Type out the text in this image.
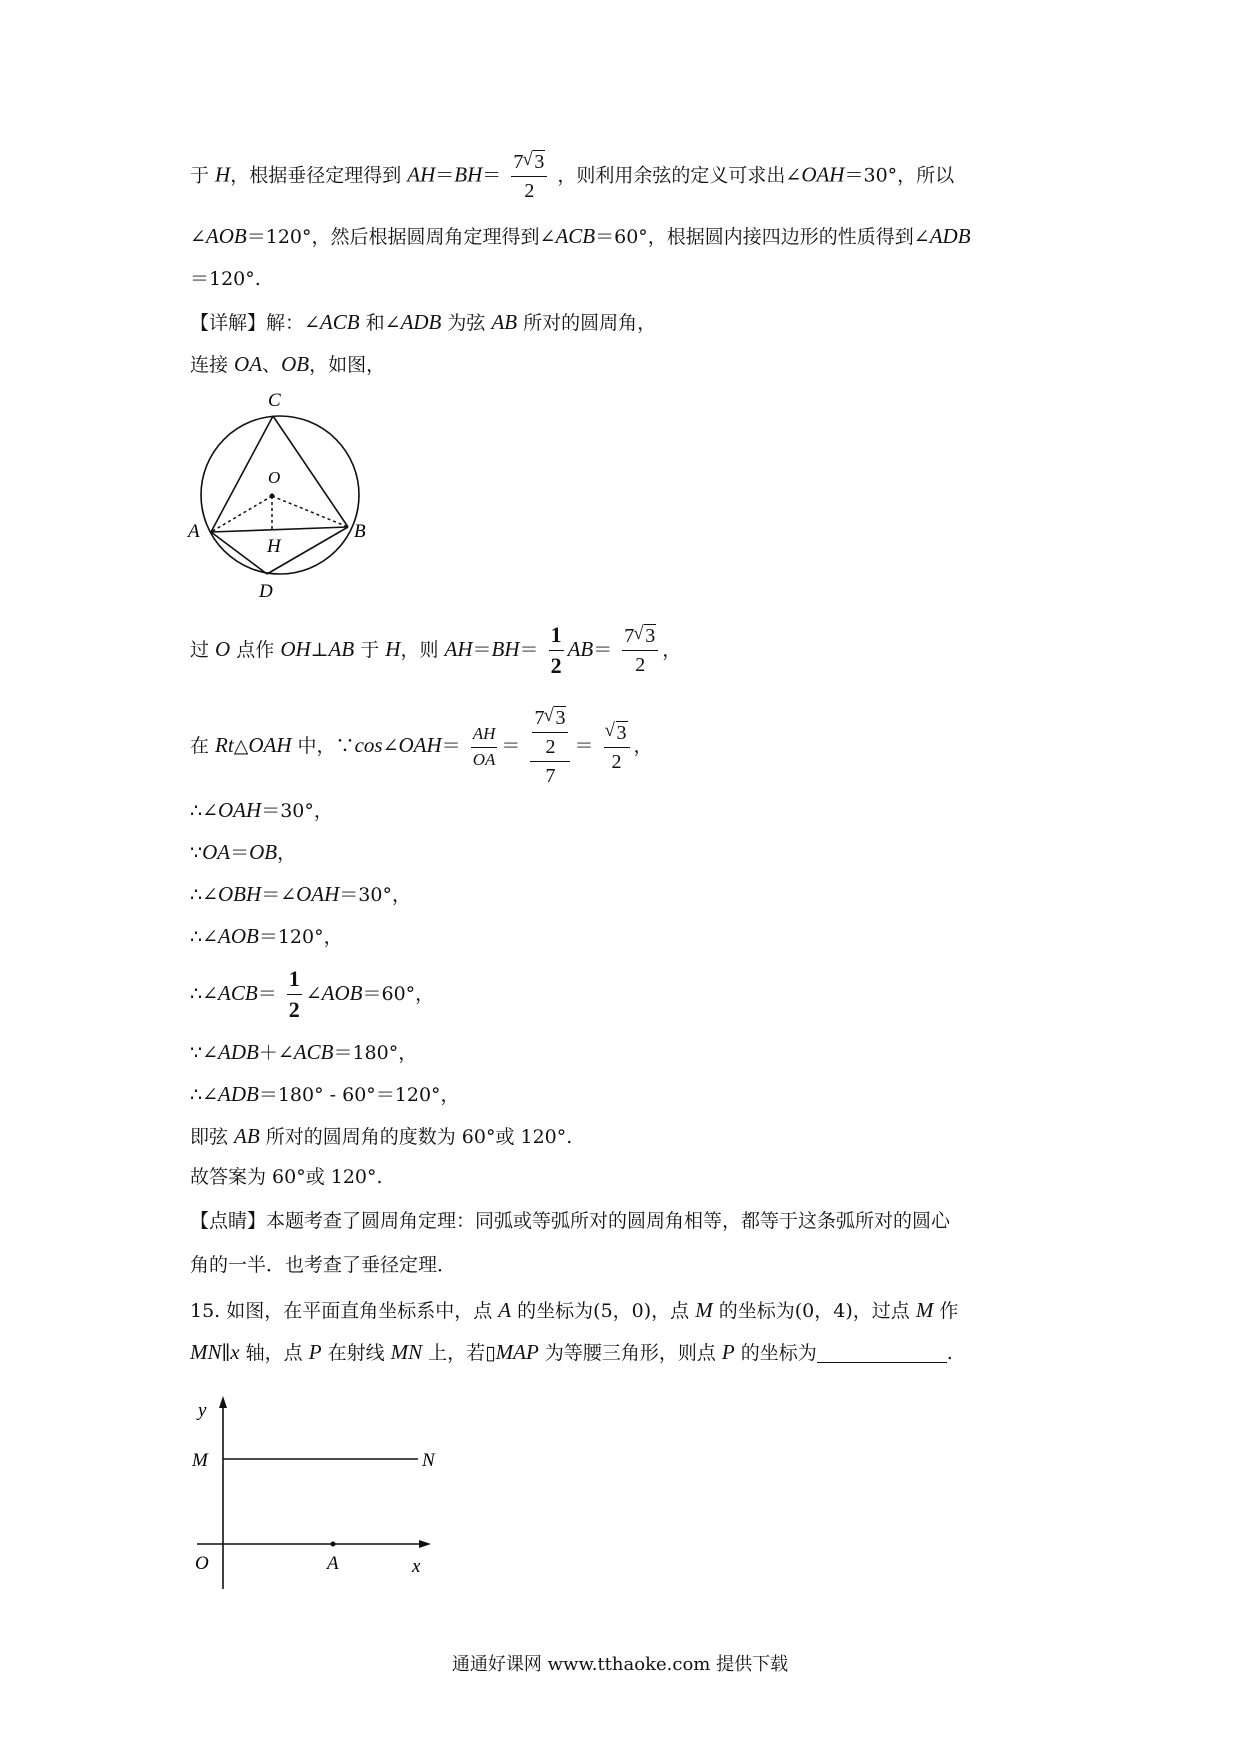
于 H，根据垂径定理得到 $AH=BH= \frac{7 √ 3}{2}$ ，则利用余弦的定义可求出∠OAH＝30°，所以
∠AOB＝120°，然后根据圆周角定理得到∠ACB＝60°，根据圆内接四边形的性质得到∠ADB
＝120°.
【详解】解：∠ACB 和∠ADB 为弦 AB 所对的圆周角，
连接 OA、OB，如图，
C
O
A	B
H
D
过 O 点作 OH⊥AB 于 H，则 $AH=BH= \frac{1}{2} AB= \frac{7 √ 3}{2}$ ，
在 Rt△OAH 中，∵cos∠OAH＝ $\frac{AH}{OA} = \frac{\frac{7 √ 3}{2}}{7}$ ＝ √ $\frac{3}{2}$ ，
∴∠OAH＝30°，
∵OA＝OB，
∴∠OBH＝∠OAH＝30°，
∴∠AOB＝120°，
∴∠ACB＝ $\frac{1}{2}$ ∠AOB＝60°，
∵∠ADB＋∠ACB＝180°，
∴∠ADB＝180° - 60°＝120°，
即弦 AB 所对的圆周角的度数为 60°或 120°.
故答案为 60°或 120°.
【点睛】本题考查了圆周角定理：同弧或等弧所对的圆周角相等，都等于这条弧所对的圆心
角的一半．也考查了垂径定理．
15. 如图，在平面直角坐标系中，点 A 的坐标为(5，0)，点 M 的坐标为(0，4)，过点 M 作
MN∥x 轴，点 P 在射线 MN 上，若▯MAP 为等腰三角形，则点 P 的坐标为	.
y
M	N
O	A	x
通通好课网 www.tthaoke.com 提供下载
